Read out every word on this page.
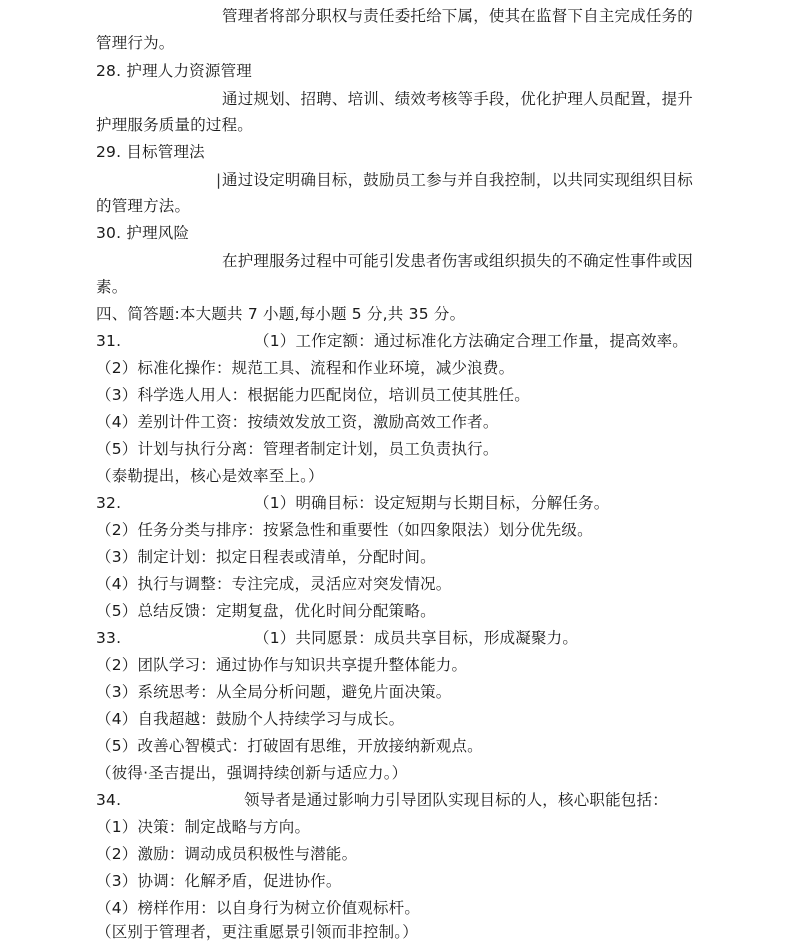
管理者将部分职权与责任委托给下属，使其在监督下自主完成任务的
管理行为。
28. 护理人力资源管理
通过规划、招聘、培训、绩效考核等手段，优化护理人员配置，提升
护理服务质量的过程。
29. 目标管理法
| 通过设定明确目标，鼓励员工参与并自我控制，以共同实现组织目标
的管理方法。
30. 护理风险
在护理服务过程中可能引发患者伤害或组织损失的不确定性事件或因
素。
四、简答题:本大题共 7 小题,每小题 5 分,共 35 分。
31.	（1）工作定额：通过标准化方法确定合理工作量，提高效率。
（2）标准化操作：规范工具、流程和作业环境，减少浪费。
（3）科学选人用人：根据能力匹配岗位，培训员工使其胜任。
（4）差别计件工资：按绩效发放工资，激励高效工作者。
（5）计划与执行分离：管理者制定计划，员工负责执行。
（泰勒提出，核心是效率至上。）
32.	（1）明确目标：设定短期与长期目标，分解任务。
（2）任务分类与排序：按紧急性和重要性（如四象限法）划分优先级。
（3）制定计划：拟定日程表或清单，分配时间。
（4）执行与调整：专注完成，灵活应对突发情况。
（5）总结反馈：定期复盘，优化时间分配策略。
33.	（1）共同愿景：成员共享目标，形成凝聚力。
（2）团队学习：通过协作与知识共享提升整体能力。
（3）系统思考：从全局分析问题，避免片面决策。
（4）自我超越：鼓励个人持续学习与成长。
（5）改善心智模式：打破固有思维，开放接纳新观点。
（彼得·圣吉提出，强调持续创新与适应力。）
34.	领导者是通过影响力引导团队实现目标的人，核心职能包括：
（1）决策：制定战略与方向。
（2）激励：调动成员积极性与潜能。
（3）协调：化解矛盾，促进协作。
（4）榜样作用：以自身行为树立价值观标杆。
（区别于管理者，更注重愿景引领而非控制。）
